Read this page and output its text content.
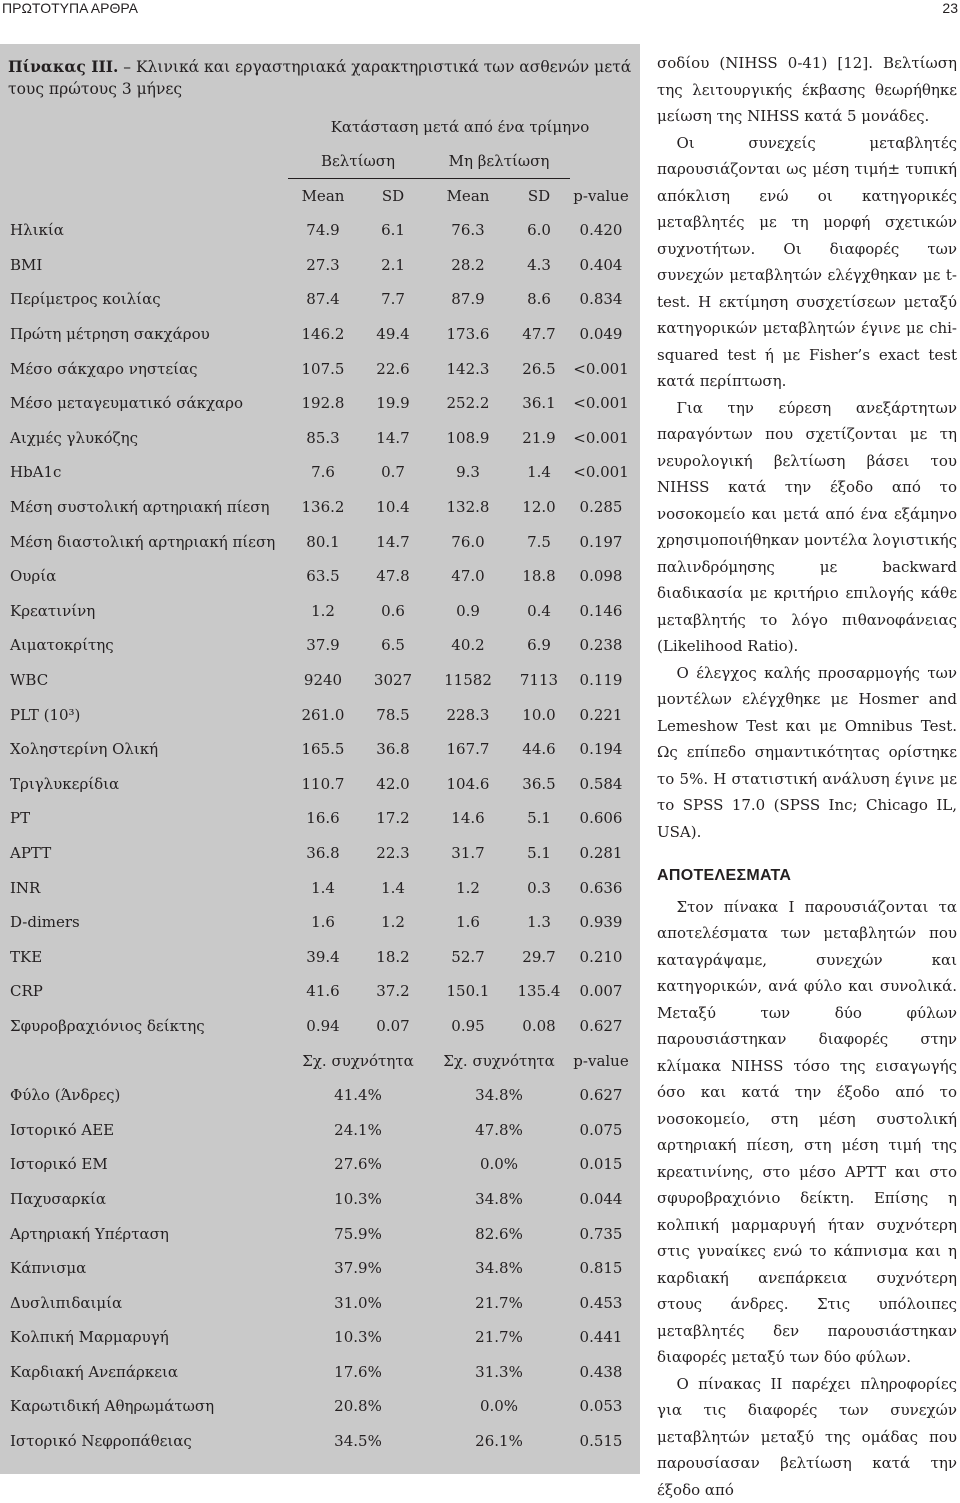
ΠΡΩΤΟΤΥΠΑ ΑΡΘΡΑ	23
Πίνακας ΙΙΙ. – Κλινικά και εργαστηριακά χαρακτηριστικά των ασθενών μετά τους πρώτους 3 μήνες
	Κατάσταση μετά από ένα τρίμηνο				
	Βελτίωση		Μη βελτίωση		
	Mean	SD	Mean	SD	p-value
Ηλικία	74.9	6.1	76.3	6.0	0.420
BMI	27.3	2.1	28.2	4.3	0.404
Περίμετρος κοιλίας	87.4	7.7	87.9	8.6	0.834
Πρώτη μέτρηση σακχάρου	146.2	49.4	173.6	47.7	0.049
Μέσο σάκχαρο νηστείας	107.5	22.6	142.3	26.5	<0.001
Μέσο μεταγευματικό σάκχαρο	192.8	19.9	252.2	36.1	<0.001
Αιχμές γλυκόζης	85.3	14.7	108.9	21.9	<0.001
HbA1c	7.6	0.7	9.3	1.4	<0.001
Μέση συστολική αρτηριακή πίεση	136.2	10.4	132.8	12.0	0.285
Μέση διαστολική αρτηριακή πίεση	80.1	14.7	76.0	7.5	0.197
Ουρία	63.5	47.8	47.0	18.8	0.098
Κρεατινίνη	1.2	0.6	0.9	0.4	0.146
Αιματοκρίτης	37.9	6.5	40.2	6.9	0.238
WBC	9240	3027	11582	7113	0.119
PLT (10³)	261.0	78.5	228.3	10.0	0.221
Χοληστερίνη Ολική	165.5	36.8	167.7	44.6	0.194
Τριγλυκερίδια	110.7	42.0	104.6	36.5	0.584
PT	16.6	17.2	14.6	5.1	0.606
APTT	36.8	22.3	31.7	5.1	0.281
INR	1.4	1.4	1.2	0.3	0.636
D-dimers	1.6	1.2	1.6	1.3	0.939
TKE	39.4	18.2	52.7	29.7	0.210
CRP	41.6	37.2	150.1	135.4	0.007
Σφυροβραχιόνιος δείκτης	0.94	0.07	0.95	0.08	0.627
	Σχ. συχνότητα		Σχ. συχνότητα		p-value
Φύλο (Άνδρες)	41.4%		34.8%		0.627
Ιστορικό ΑΕΕ	24.1%		47.8%		0.075
Ιστορικό ΕΜ	27.6%		0.0%		0.015
Παχυσαρκία	10.3%		34.8%		0.044
Αρτηριακή Υπέρταση	75.9%		82.6%		0.735
Κάπνισμα	37.9%		34.8%		0.815
Δυσλιπιδαιμία	31.0%		21.7%		0.453
Κολπική Μαρμαρυγή	10.3%		21.7%		0.441
Καρδιακή Ανεπάρκεια	17.6%		31.3%		0.438
Καρωτιδική Αθηρωμάτωση	20.8%		0.0%		0.053
Ιστορικό Νεφροπάθειας	34.5%		26.1%		0.515

σοδίου (NIHSS 0-41) [12]. Βελτίωση της λειτουργικής έκβασης θεωρήθηκε μείωση της NIHSS κατά 5 μονάδες.

Οι συνεχείς μεταβλητές παρουσιάζονται ως μέση τιμή± τυπική απόκλιση ενώ οι κατηγορικές μεταβλητές με τη μορφή σχετικών συχνοτήτων. Οι διαφορές των συνεχών μεταβλητών ελέγχθηκαν με t-test. Η εκτίμηση συσχετίσεων μεταξύ κατηγορικών μεταβλητών έγινε με chi-squared test ή με Fisher’s exact test κατά περίπτωση.

Για την εύρεση ανεξάρτητων παραγόντων που σχετίζονται με τη νευρολογική βελτίωση βάσει του NIHSS κατά την έξοδο από το νοσοκομείο και μετά από ένα εξάμηνο χρησιμοποιήθηκαν μοντέλα λογιστικής παλινδρόμησης με backward διαδικασία με κριτήριο επιλογής κάθε μεταβλητής το λόγο πιθανοφάνειας (Likelihood Ratio).

Ο έλεγχος καλής προσαρμογής των μοντέλων ελέγχθηκε με Hosmer and Lemeshow Test και με Omnibus Test. Ως επίπεδο σημαντικότητας ορίστηκε το 5%. Η στατιστική ανάλυση έγινε με το SPSS 17.0 (SPSS Inc; Chicago IL, USA).

ΑΠΟΤΕΛΕΣΜΑΤΑ

Στον πίνακα Ι παρουσιάζονται τα αποτελέσματα των μεταβλητών που καταγράψαμε, συνεχών και κατηγορικών, ανά φύλο και συνολικά. Μεταξύ των δύο φύλων παρουσιάστηκαν διαφορές στην κλίμακα NIHSS τόσο της εισαγωγής όσο και κατά την έξοδο από το νοσοκομείο, στη μέση συστολική αρτηριακή πίεση, στη μέση τιμή της κρεατινίνης, στο μέσο APTT και στο σφυροβραχιόνιο δείκτη. Επίσης η κολπική μαρμαρυγή ήταν συχνότερη στις γυναίκες ενώ το κάπνισμα και η καρδιακή ανεπάρκεια συχνότερη στους άνδρες. Στις υπόλοιπες μεταβλητές δεν παρουσιάστηκαν διαφορές μεταξύ των δύο φύλων.

Ο πίνακας ΙΙ παρέχει πληροφορίες για τις διαφορές των συνεχών μεταβλητών μεταξύ της ομάδας που παρουσίασαν βελτίωση κατά την έξοδο από
